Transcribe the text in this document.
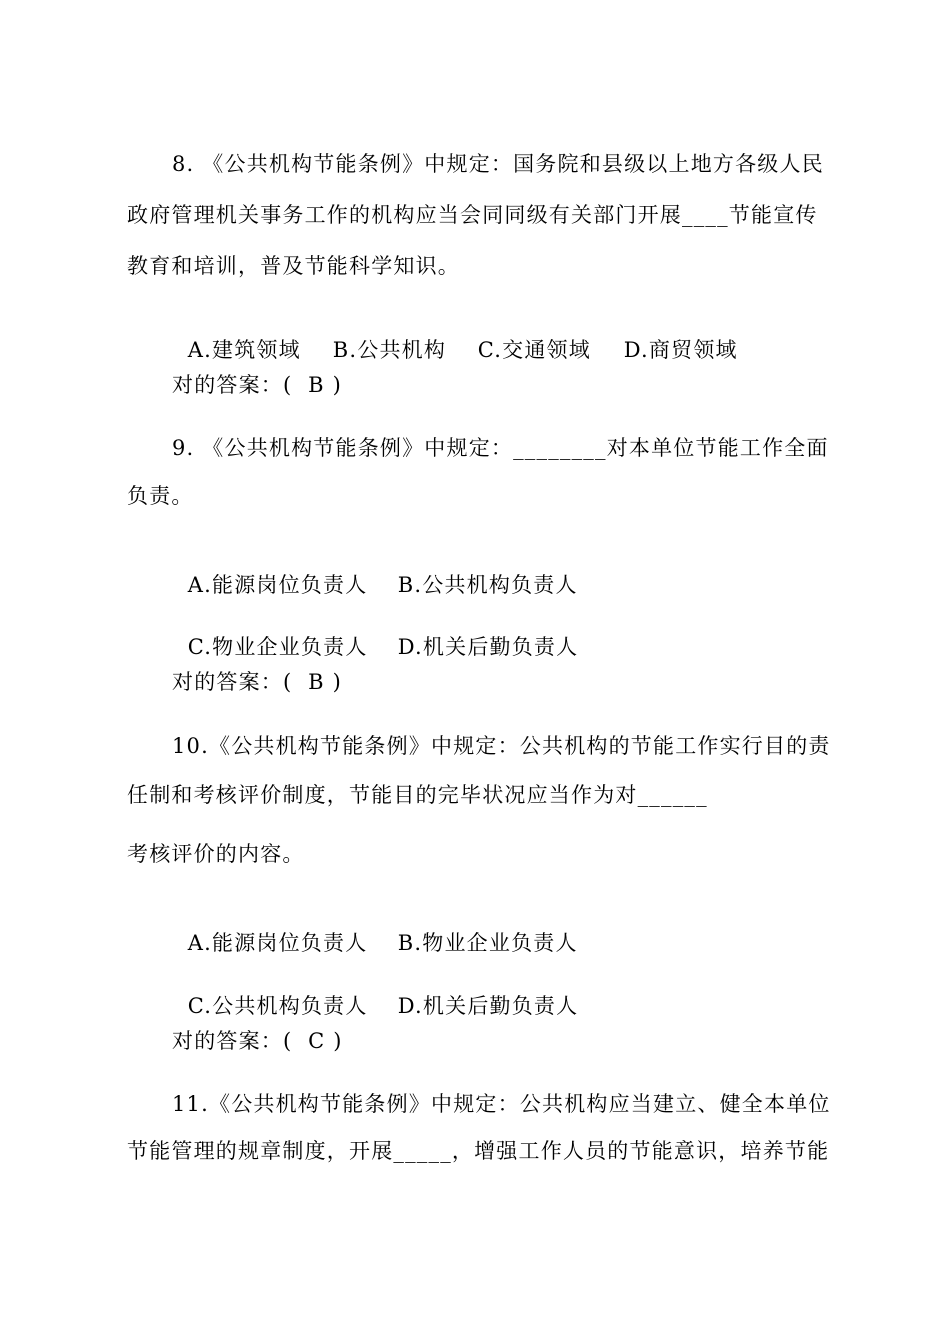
8. 《公共机构节能条例》中规定：国务院和县级以上地方各级人民
政府管理机关事务工作的机构应当会同同级有关部门开展____节能宣传
教育和培训，普及节能科学知识。

A.建筑领域 B.公共机构 C.交通领域 D.商贸领域

对的答案：(  B )
9. 《公共机构节能条例》中规定：________对本单位节能工作全面
负责。

A.能源岗位负责人 B.公共机构负责人

C.物业企业负责人 D.机关后勤负责人

对的答案：(  B )
10.《公共机构节能条例》中规定：公共机构的节能工作实行目的责
任制和考核评价制度，节能目的完毕状况应当作为对______
考核评价的内容。

A.能源岗位负责人 B.物业企业负责人

C.公共机构负责人 D.机关后勤负责人

对的答案：(  C )
11.《公共机构节能条例》中规定：公共机构应当建立、健全本单位
节能管理的规章制度，开展_____，增强工作人员的节能意识，培养节能
